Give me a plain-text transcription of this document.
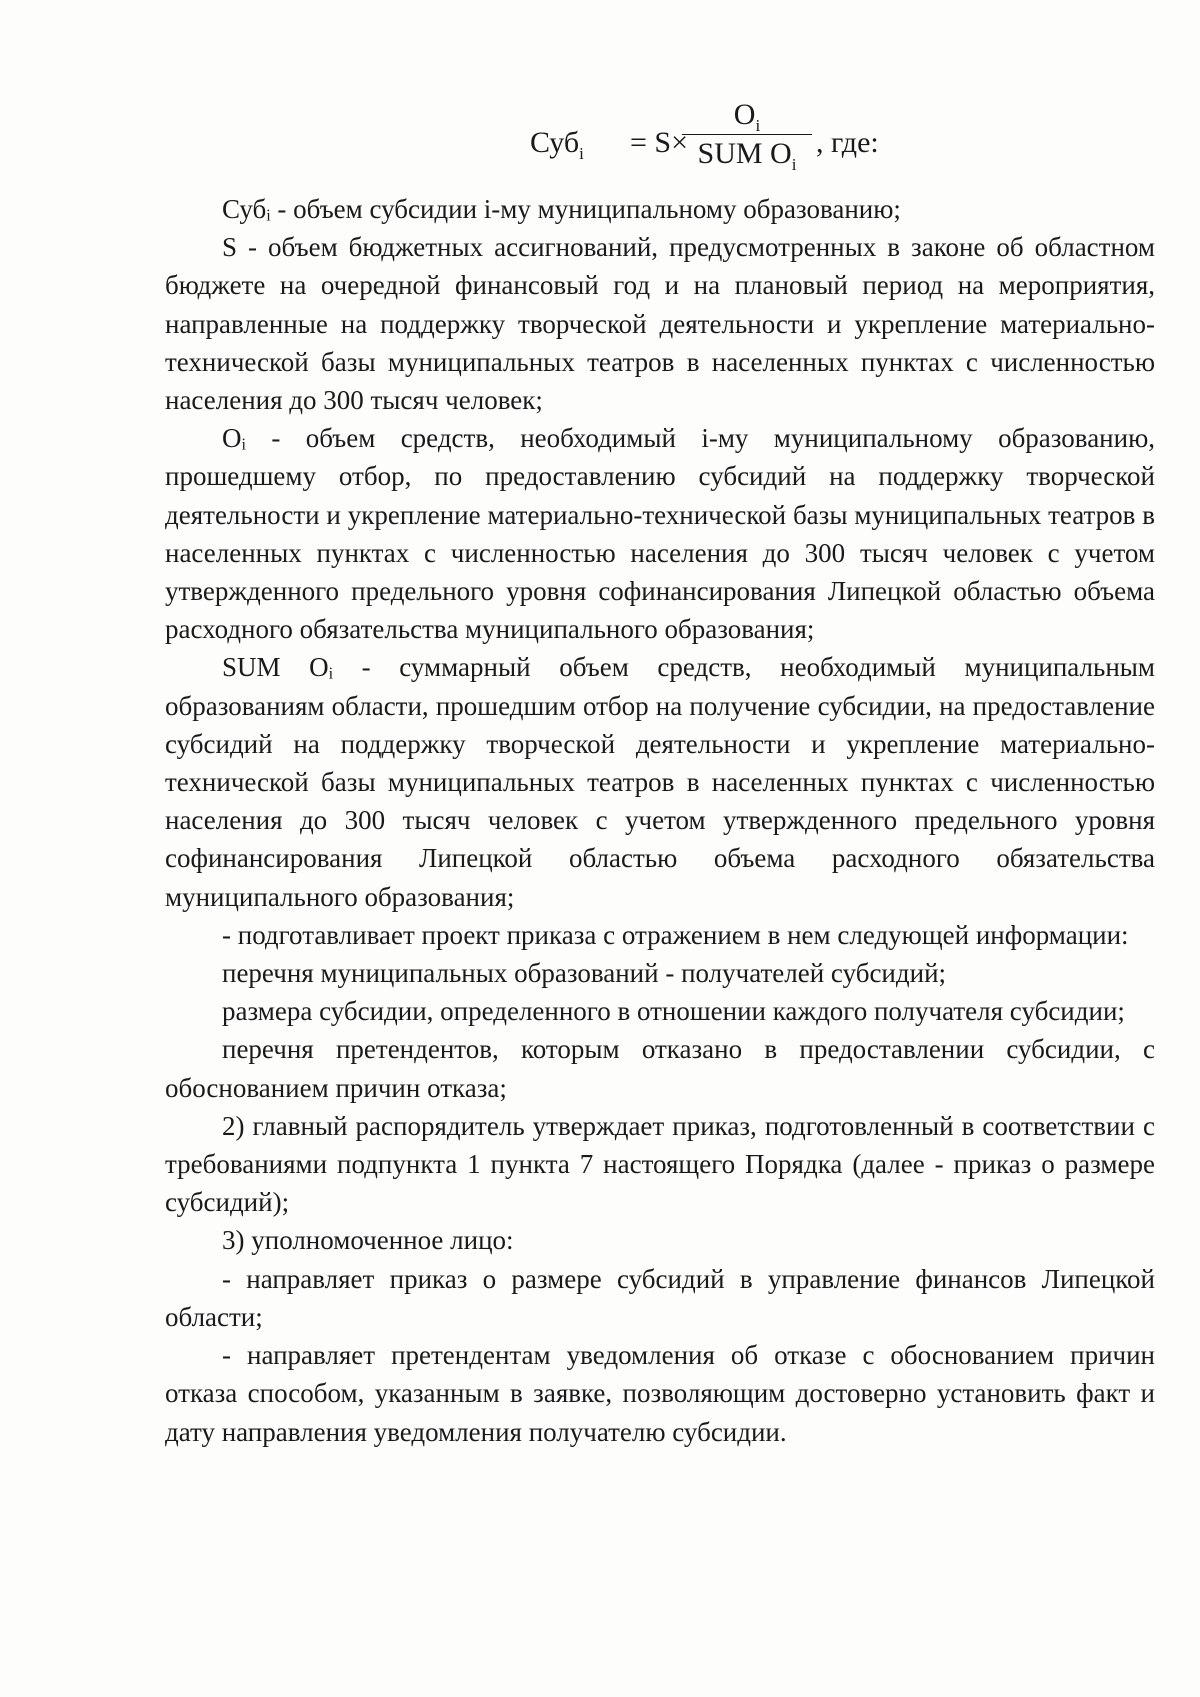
Суб$_i$ = S×
$O_i$
SUM $O_i$
, где:

Субᵢ - объем субсидии i-му муниципальному образованию;

S - объем бюджетных ассигнований, предусмотренных в законе об областном бюджете на очередной финансовый год и на плановый период на мероприятия, направленные на поддержку творческой деятельности и укрепление материально-технической базы муниципальных театров в населенных пунктах с численностью населения до 300 тысяч человек;

Оᵢ - объем средств, необходимый i-му муниципальному образованию, прошедшему отбор, по предоставлению субсидий на поддержку творческой деятельности и укрепление материально-технической базы муниципальных театров в населенных пунктах с численностью населения до 300 тысяч человек с учетом утвержденного предельного уровня софинансирования Липецкой областью объема расходного обязательства муниципального образования;

SUM Оᵢ - суммарный объем средств, необходимый муниципальным образованиям области, прошедшим отбор на получение субсидии, на предоставление субсидий на поддержку творческой деятельности и укрепление материально-технической базы муниципальных театров в населенных пунктах с численностью населения до 300 тысяч человек с учетом утвержденного предельного уровня софинансирования Липецкой областью объема расходного обязательства муниципального образования;

- подготавливает проект приказа с отражением в нем следующей информации:

перечня муниципальных образований - получателей субсидий;

размера субсидии, определенного в отношении каждого получателя субсидии;

перечня претендентов, которым отказано в предоставлении субсидии, с обоснованием причин отказа;

2) главный распорядитель утверждает приказ, подготовленный в соответствии с требованиями подпункта 1 пункта 7 настоящего Порядка (далее - приказ о размере субсидий);

3) уполномоченное лицо:

- направляет приказ о размере субсидий в управление финансов Липецкой области;

- направляет претендентам уведомления об отказе с обоснованием причин отказа способом, указанным в заявке, позволяющим достоверно установить факт и дату направления уведомления получателю субсидии.
